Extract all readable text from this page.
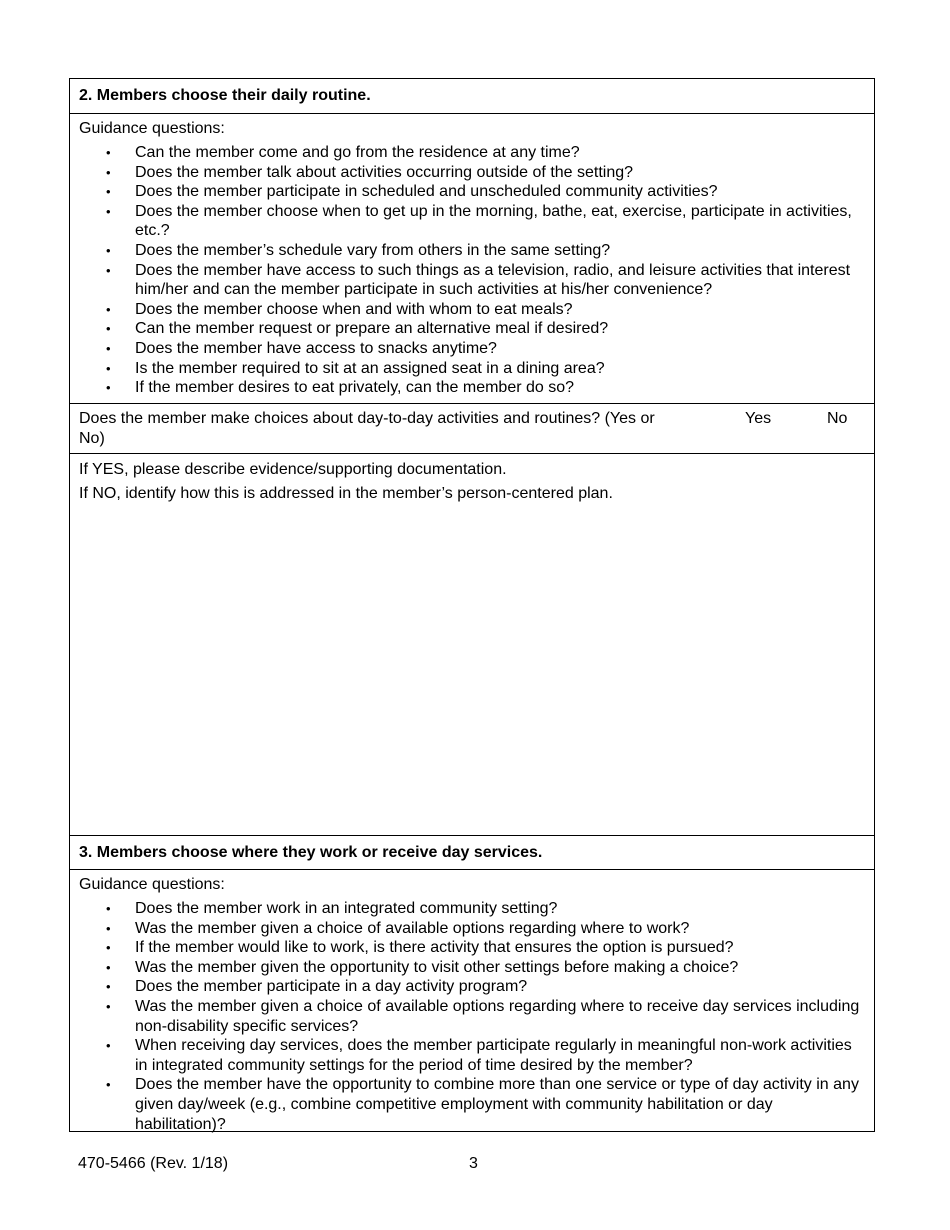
2. Members choose their daily routine.
Guidance questions:
• Can the member come and go from the residence at any time?
• Does the member talk about activities occurring outside of the setting?
• Does the member participate in scheduled and unscheduled community activities?
• Does the member choose when to get up in the morning, bathe, eat, exercise, participate in activities, etc.?
• Does the member’s schedule vary from others in the same setting?
• Does the member have access to such things as a television, radio, and leisure activities that interest him/her and can the member participate in such activities at his/her convenience?
• Does the member choose when and with whom to eat meals?
• Can the member request or prepare an alternative meal if desired?
• Does the member have access to snacks anytime?
• Is the member required to sit at an assigned seat in a dining area?
• If the member desires to eat privately, can the member do so?
Does the member make choices about day-to-day activities and routines? (Yes or No)
Yes	No
If YES, please describe evidence/supporting documentation.
If NO, identify how this is addressed in the member’s person-centered plan.
3. Members choose where they work or receive day services.
Guidance questions:
• Does the member work in an integrated community setting?
• Was the member given a choice of available options regarding where to work?
• If the member would like to work, is there activity that ensures the option is pursued?
• Was the member given the opportunity to visit other settings before making a choice?
• Does the member participate in a day activity program?
• Was the member given a choice of available options regarding where to receive day services including non-disability specific services?
• When receiving day services, does the member participate regularly in meaningful non-work activities in integrated community settings for the period of time desired by the member?
• Does the member have the opportunity to combine more than one service or type of day activity in any given day/week (e.g., combine competitive employment with community habilitation or day habilitation)?
470-5466 (Rev. 1/18)	3
